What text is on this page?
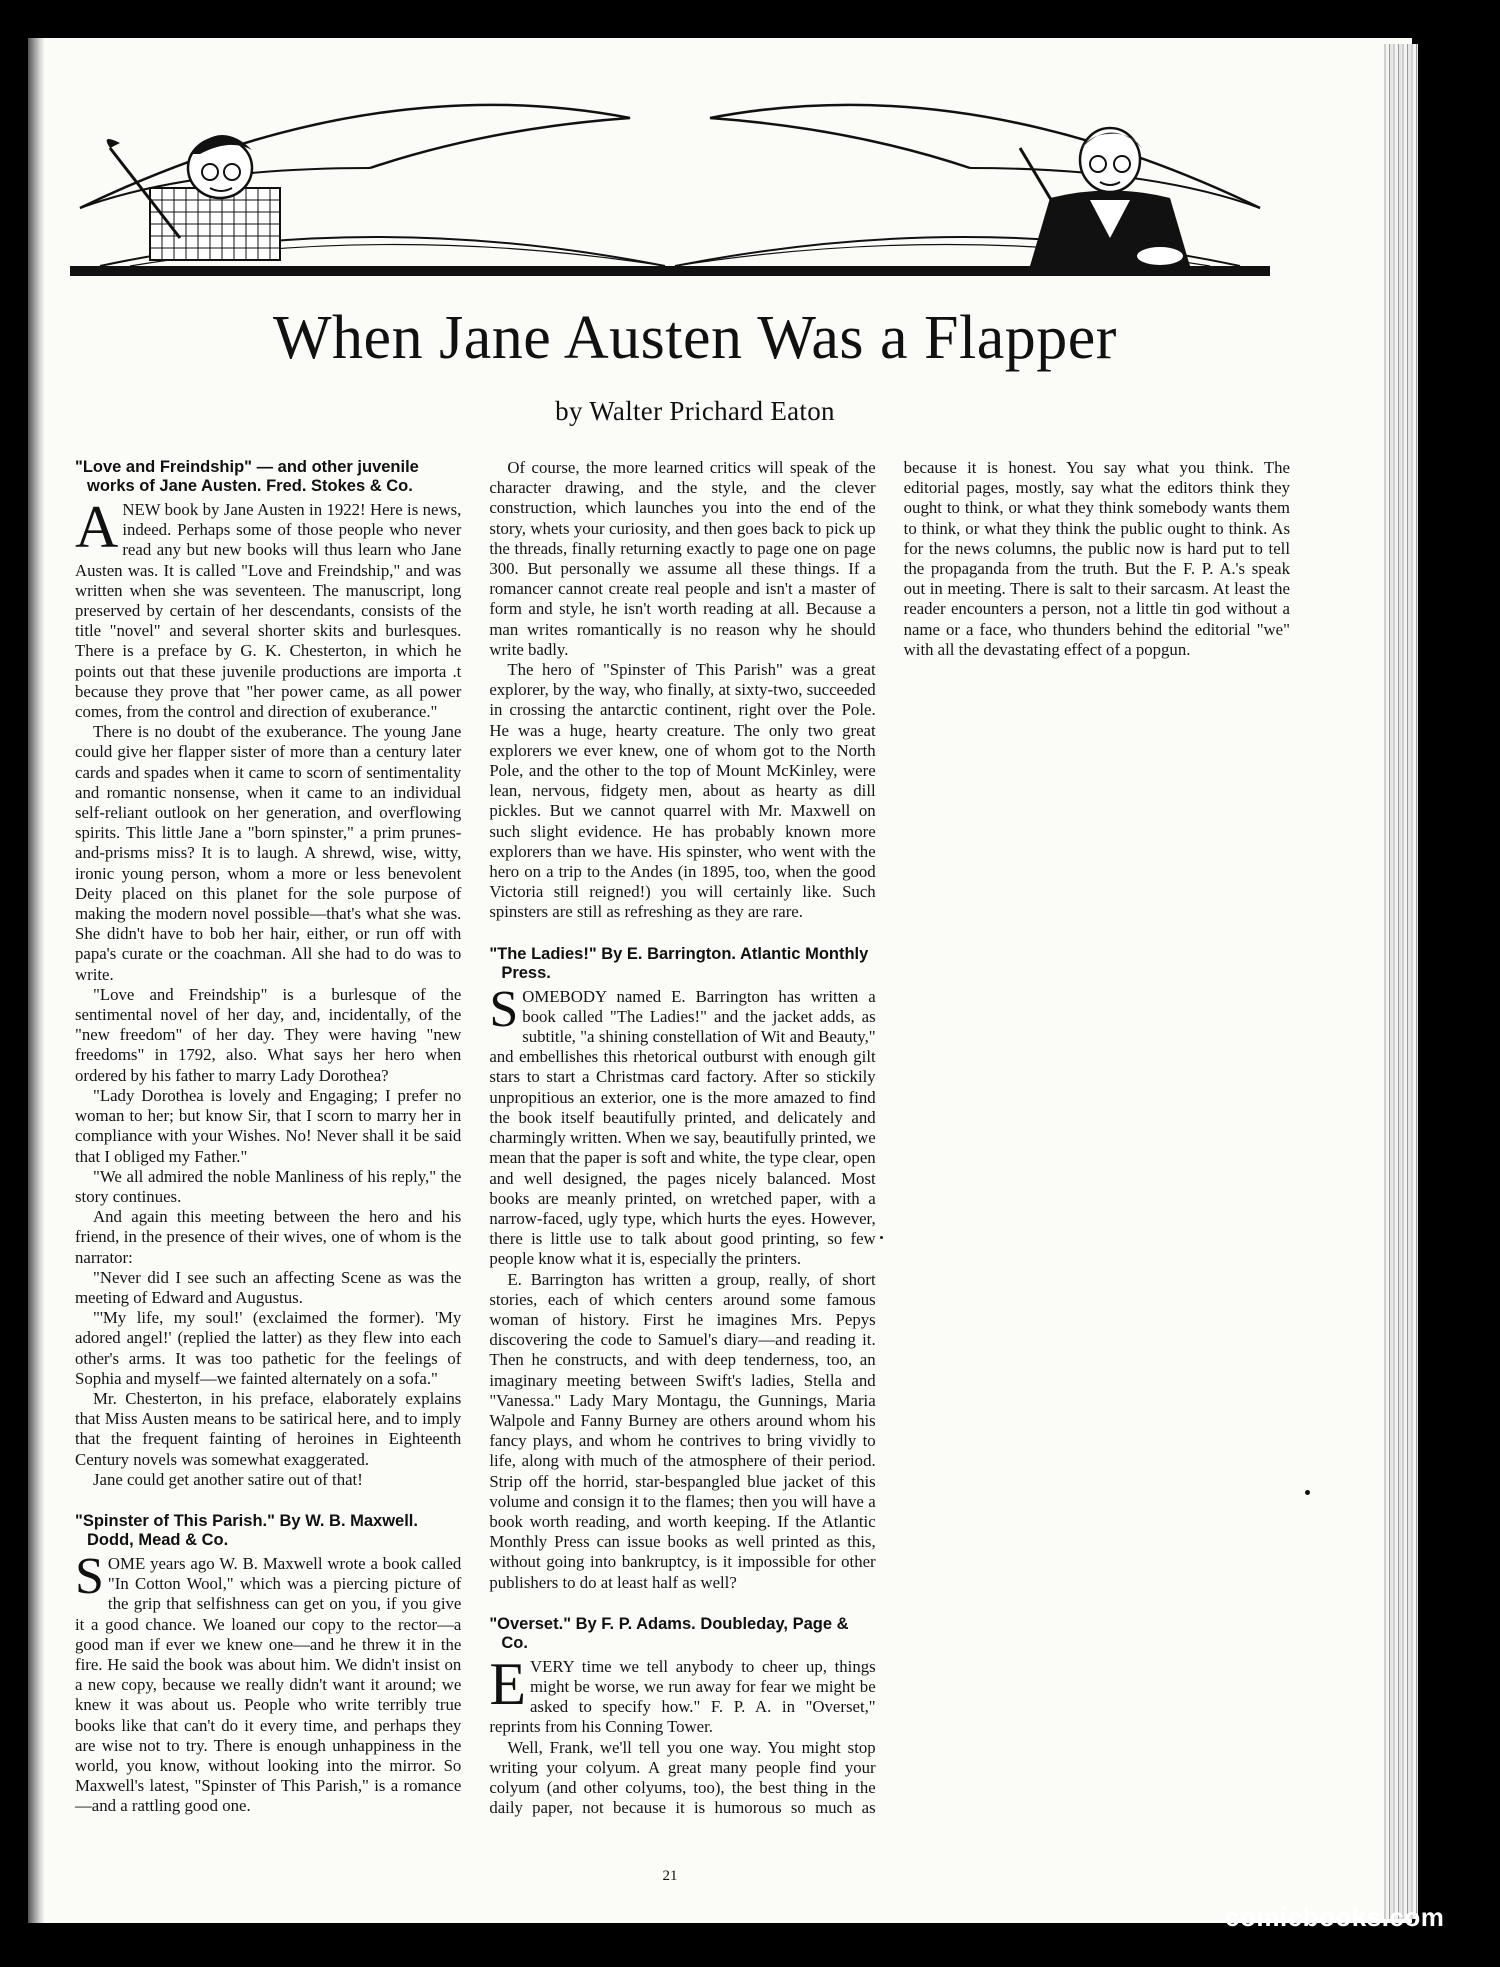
When Jane Austen Was a Flapper
by Walter Prichard Eaton
"Love and Freindship" — and other juvenile works of Jane Austen. Fred. Stokes & Co.

A NEW book by Jane Austen in 1922! Here is news, indeed. Perhaps some of those people who never read any but new books will thus learn who Jane Austen was. It is called "Love and Freindship," and was written when she was seventeen. The manuscript, long preserved by certain of her descendants, consists of the title "novel" and several shorter skits and burlesques. There is a preface by G. K. Chesterton, in which he points out that these juvenile productions are importa .t because they prove that "her power came, as all power comes, from the control and direction of exuberance."

There is no doubt of the exuberance. The young Jane could give her flapper sister of more than a century later cards and spades when it came to scorn of sentimentality and romantic nonsense, when it came to an individual self-reliant outlook on her generation, and overflowing spirits. This little Jane a "born spinster," a prim prunes-and-prisms miss? It is to laugh. A shrewd, wise, witty, ironic young person, whom a more or less benevolent Deity placed on this planet for the sole purpose of making the modern novel possible—that's what she was. She didn't have to bob her hair, either, or run off with papa's curate or the coachman. All she had to do was to write.

"Love and Freindship" is a burlesque of the sentimental novel of her day, and, incidentally, of the "new freedom" of her day. They were having "new freedoms" in 1792, also. What says her hero when ordered by his father to marry Lady Dorothea?

"Lady Dorothea is lovely and Engaging; I prefer no woman to her; but know Sir, that I scorn to marry her in compliance with your Wishes. No! Never shall it be said that I obliged my Father."

"We all admired the noble Manliness of his reply," the story continues.

And again this meeting between the hero and his friend, in the presence of their wives, one of whom is the narrator:

"Never did I see such an affecting Scene as was the meeting of Edward and Augustus.

"'My life, my soul!' (exclaimed the former). 'My adored angel!' (replied the latter) as they flew into each other's arms. It was too pathetic for the feelings of Sophia and myself—we fainted alternately on a sofa."

Mr. Chesterton, in his preface, elaborately explains that Miss Austen means to be satirical here, and to imply that the frequent fainting of heroines in Eighteenth Century novels was somewhat exaggerated.

Jane could get another satire out of that!

"Spinster of This Parish." By W. B. Maxwell. Dodd, Mead & Co.

SOME years ago W. B. Maxwell wrote a book called "In Cotton Wool," which was a piercing picture of the grip that selfishness can get on you, if you give it a good chance. We loaned our copy to the rector—a good man if ever we knew one—and he threw it in the fire. He said the book was about him. We didn't insist on a new copy, because we really didn't want it around; we knew it was about us. People who write terribly true books like that can't do it every time, and perhaps they are wise not to try. There is enough unhappiness in the world, you know, without looking into the mirror. So Maxwell's latest, "Spinster of This Parish," is a romance—and a rattling good one.

Of course, the more learned critics will speak of the character drawing, and the style, and the clever construction, which launches you into the end of the story, whets your curiosity, and then goes back to pick up the threads, finally returning exactly to page one on page 300. But personally we assume all these things. If a romancer cannot create real people and isn't a master of form and style, he isn't worth reading at all. Because a man writes romantically is no reason why he should write badly.

The hero of "Spinster of This Parish" was a great explorer, by the way, who finally, at sixty-two, succeeded in crossing the antarctic continent, right over the Pole. He was a huge, hearty creature. The only two great explorers we ever knew, one of whom got to the North Pole, and the other to the top of Mount McKinley, were lean, nervous, fidgety men, about as hearty as dill pickles. But we cannot quarrel with Mr. Maxwell on such slight evidence. He has probably known more explorers than we have. His spinster, who went with the hero on a trip to the Andes (in 1895, too, when the good Victoria still reigned!) you will certainly like. Such spinsters are still as refreshing as they are rare.

"The Ladies!" By E. Barrington. Atlantic Monthly Press.

SOMEBODY named E. Barrington has written a book called "The Ladies!" and the jacket adds, as subtitle, "a shining constellation of Wit and Beauty," and embellishes this rhetorical outburst with enough gilt stars to start a Christmas card factory. After so stickily unpropitious an exterior, one is the more amazed to find the book itself beautifully printed, and delicately and charmingly written. When we say, beautifully printed, we mean that the paper is soft and white, the type clear, open and well designed, the pages nicely balanced. Most books are meanly printed, on wretched paper, with a narrow-faced, ugly type, which hurts the eyes. However, there is little use to talk about good printing, so few people know what it is, especially the printers.

E. Barrington has written a group, really, of short stories, each of which centers around some famous woman of history. First he imagines Mrs. Pepys discovering the code to Samuel's diary—and reading it. Then he constructs, and with deep tenderness, too, an imaginary meeting between Swift's ladies, Stella and "Vanessa." Lady Mary Montagu, the Gunnings, Maria Walpole and Fanny Burney are others around whom his fancy plays, and whom he contrives to bring vividly to life, along with much of the atmosphere of their period. Strip off the horrid, star-bespangled blue jacket of this volume and consign it to the flames; then you will have a book worth reading, and worth keeping. If the Atlantic Monthly Press can issue books as well printed as this, without going into bankruptcy, is it impossible for other publishers to do at least half as well?

"Overset." By F. P. Adams. Doubleday, Page & Co.

EVERY time we tell anybody to cheer up, things might be worse, we run away for fear we might be asked to specify how." F. P. A. in "Overset," reprints from his Conning Tower.

Well, Frank, we'll tell you one way. You might stop writing your colyum. A great many people find your colyum (and other colyums, too), the best thing in the daily paper, not because it is humorous so much as because it is honest. You say what you think. The editorial pages, mostly, say what the editors think they ought to think, or what they think somebody wants them to think, or what they think the public ought to think. As for the news columns, the public now is hard put to tell the propaganda from the truth. But the F. P. A.'s speak out in meeting. There is salt to their sarcasm. At least the reader encounters a person, not a little tin god without a name or a face, who thunders behind the editorial "we" with all the devastating effect of a popgun.

21
comicbooks.com
